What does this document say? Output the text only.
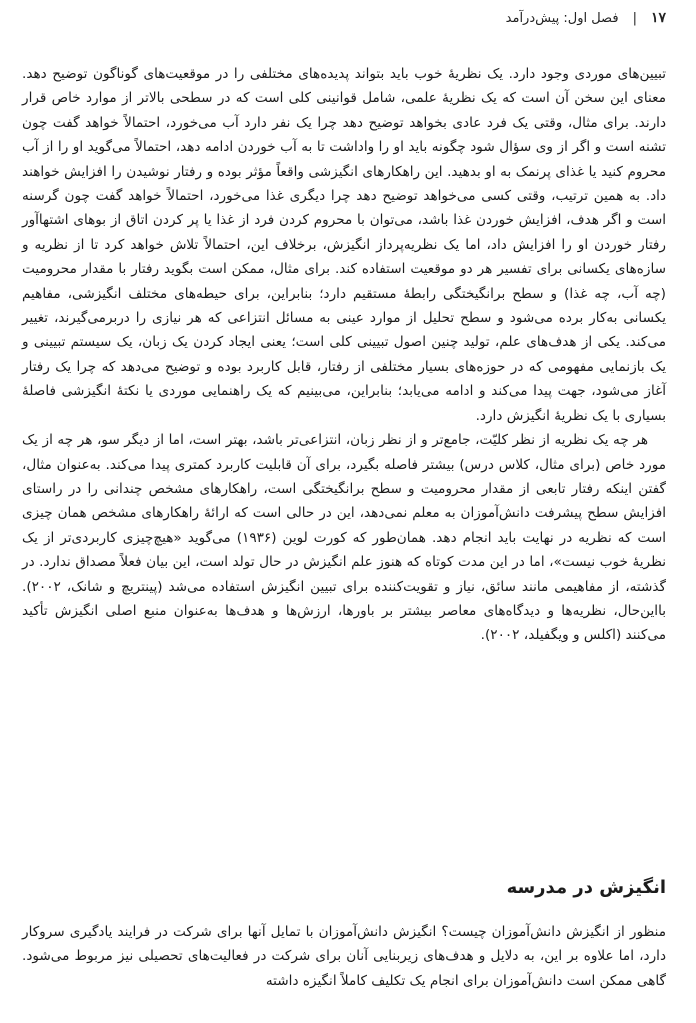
۱۷
|
فصل اول: پیش‌درآمد

تبیین‌های موردی وجود دارد. یک نظریهٔ خوب باید بتواند پدیده‌های مختلفی را در موقعیت‌های گوناگون توضیح دهد. معنای این سخن آن است که یک نظریهٔ علمی، شامل قوانینی کلی است که در سطحی بالاتر از موارد خاص قرار دارند. برای مثال، وقتی یک فرد عادی بخواهد توضیح دهد چرا یک نفر دارد آب می‌خورد، احتمالاً خواهد گفت چون تشنه است و اگر از وی سؤال شود چگونه باید او را واداشت تا به آب خوردن ادامه دهد، احتمالاً می‌گوید او را از آب محروم کنید یا غذای پرنمک به او بدهید. این راهکارهای انگیزشی واقعاً مؤثر بوده و رفتار نوشیدن را افزایش خواهند داد. به همین ترتیب، وقتی کسی می‌خواهد توضیح دهد چرا دیگری غذا می‌خورد، احتمالاً خواهد گفت چون گرسنه است و اگر هدف، افزایش خوردن غذا باشد، می‌توان با محروم کردن فرد از غذا یا پر کردن اتاق از بوهای اشتهاآور رفتار خوردن او را افزایش داد، اما یک نظریه‌پرداز انگیزش، برخلاف این، احتمالاً تلاش خواهد کرد تا از نظریه و سازه‌های یکسانی برای تفسیر هر دو موقعیت استفاده کند. برای مثال، ممکن است بگوید رفتار با مقدار محرومیت (چه آب، چه غذا) و سطح برانگیختگی رابطهٔ مستقیم دارد؛ بنابراین، برای حیطه‌های مختلف انگیزشی، مفاهیم یکسانی به‌کار برده می‌شود و سطح تحلیل از موارد عینی به مسائل انتزاعی که هر نیازی را دربرمی‌گیرند، تغییر می‌کند. یکی از هدف‌های علم، تولید چنین اصول تبیینی کلی است؛ یعنی ایجاد کردن یک زبان، یک سیستم تبیینی و یک بازنمایی مفهومی که در حوزه‌های بسیار مختلفی از رفتار، قابل کاربرد بوده و توضیح می‌دهد که چرا یک رفتار آغاز می‌شود، جهت پیدا می‌کند و ادامه می‌یابد؛ بنابراین، می‌بینیم که یک راهنمایی موردی یا نکتهٔ انگیزشی فاصلهٔ بسیاری با یک نظریهٔ انگیزش دارد.

هر چه یک نظریه از نظر کلیّت، جامع‌تر و از نظر زبان، انتزاعی‌تر باشد، بهتر است، اما از دیگر سو، هر چه از یک مورد خاص (برای مثال، کلاس درس) بیشتر فاصله بگیرد، برای آن قابلیت کاربرد کمتری پیدا می‌کند. به‌عنوان مثال، گفتن اینکه رفتار تابعی از مقدار محرومیت و سطح برانگیختگی است، راهکارهای مشخص چندانی را در راستای افزایش سطح پیشرفت دانش‌آموزان به معلم نمی‌دهد، این در حالی است که ارائهٔ راهکارهای مشخص همان چیزی است که نظریه در نهایت باید انجام دهد. همان‌طور که کورت لوین (۱۹۳۶) می‌گوید «هیچ‌چیزی کاربردی‌تر از یک نظریهٔ خوب نیست»، اما در این مدت کوتاه که هنوز علم انگیزش در حال تولد است، این بیان فعلاً مصداق ندارد. در گذشته، از مفاهیمی مانند سائق، نیاز و تقویت‌کننده برای تبیین انگیزش استفاده می‌شد (پینتریچ و شانک، ۲۰۰۲). بااین‌حال، نظریه‌ها و دیدگاه‌های معاصر بیشتر بر باورها، ارزش‌ها و هدف‌ها به‌عنوان منبع اصلی انگیزش تأکید می‌کنند (اکلس و ویگفیلد، ۲۰۰۲).

انگیزش در مدرسه

منظور از انگیزش دانش‌آموزان چیست؟ انگیزش دانش‌آموزان با تمایل آنها برای شرکت در فرایند یادگیری سروکار دارد، اما علاوه بر این، به دلایل و هدف‌های زیربنایی آنان برای شرکت در فعالیت‌های تحصیلی نیز مربوط می‌شود. گاهی ممکن است دانش‌آموزان برای انجام یک تکلیف کاملاً انگیزه داشته
